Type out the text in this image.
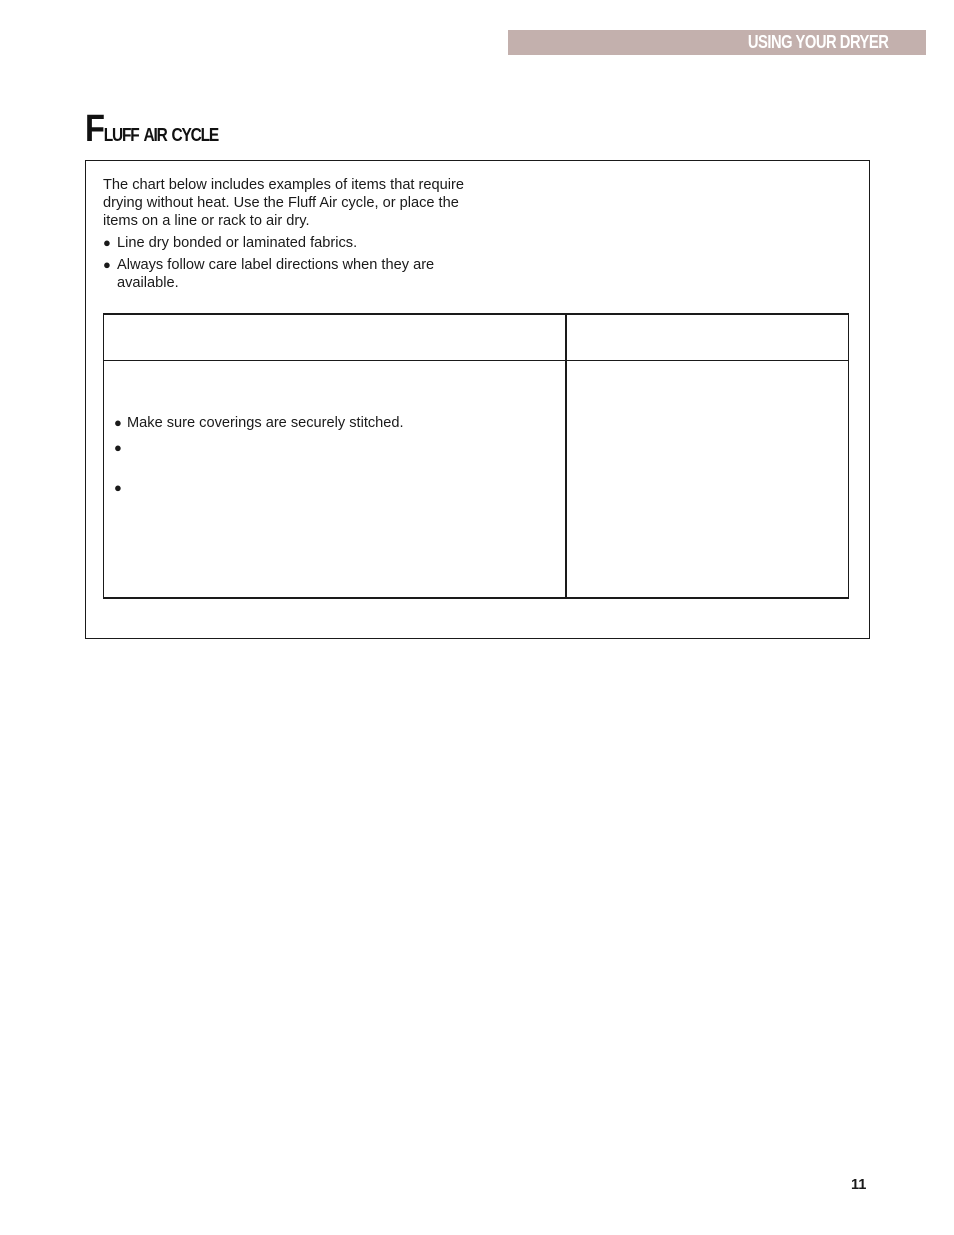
USING YOUR DRYER
Fluff air cycle

The chart below includes examples of items that require drying without heat. Use the Fluff Air cycle, or place the items on a line or rack to air dry.

● Line dry bonded or laminated fabrics.
● Always follow care label directions when they are available.
● Make sure coverings are securely stitched.
●
●
11
